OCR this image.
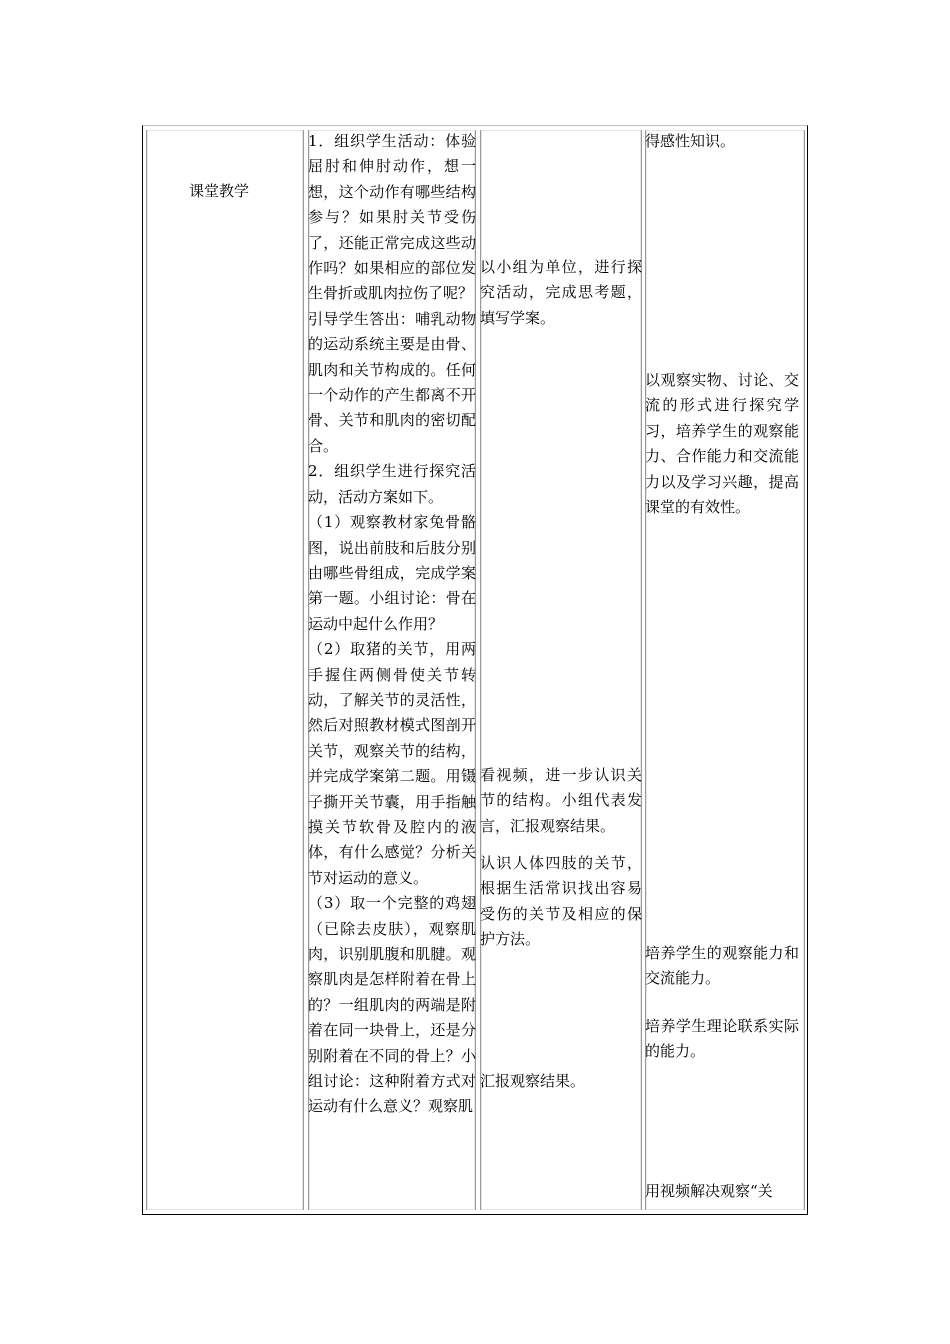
课堂教学

1．组织学生活动：体验屈肘和伸肘动作，想一想，这个动作有哪些结构参与？如果肘关节受伤了，还能正常完成这些动作吗？如果相应的部位发生骨折或肌肉拉伤了呢？

引导学生答出：哺乳动物的运动系统主要是由骨、肌肉和关节构成的。任何一个动作的产生都离不开骨、关节和肌肉的密切配合。

2．组织学生进行探究活动，活动方案如下。

（1）观察教材家兔骨骼图，说出前肢和后肢分别由哪些骨组成，完成学案第一题。小组讨论：骨在运动中起什么作用？

（2）取猪的关节，用两手握住两侧骨使关节转动，了解关节的灵活性，然后对照教材模式图剖开关节，观察关节的结构，并完成学案第二题。用镊子撕开关节囊，用手指触摸关节软骨及腔内的液体，有什么感觉？分析关节对运动的意义。

（3）取一个完整的鸡翅（已除去皮肤），观察肌肉，识别肌腹和肌腱。观察肌肉是怎样附着在骨上的？一组肌肉的两端是附着在同一块骨上，还是分别附着在不同的骨上？小组讨论：这种附着方式对运动有什么意义？观察肌

以小组为单位，进行探究活动，完成思考题，填写学案。
看视频，进一步认识关节的结构。小组代表发言，汇报观察结果。
认识人体四肢的关节，根据生活常识找出容易受伤的关节及相应的保护方法。
汇报观察结果。
得感性知识。
以观察实物、讨论、交流的形式进行探究学习，培养学生的观察能力、合作能力和交流能力以及学习兴趣，提高课堂的有效性。
培养学生的观察能力和交流能力。
培养学生理论联系实际的能力。
用视频解决观察“关
